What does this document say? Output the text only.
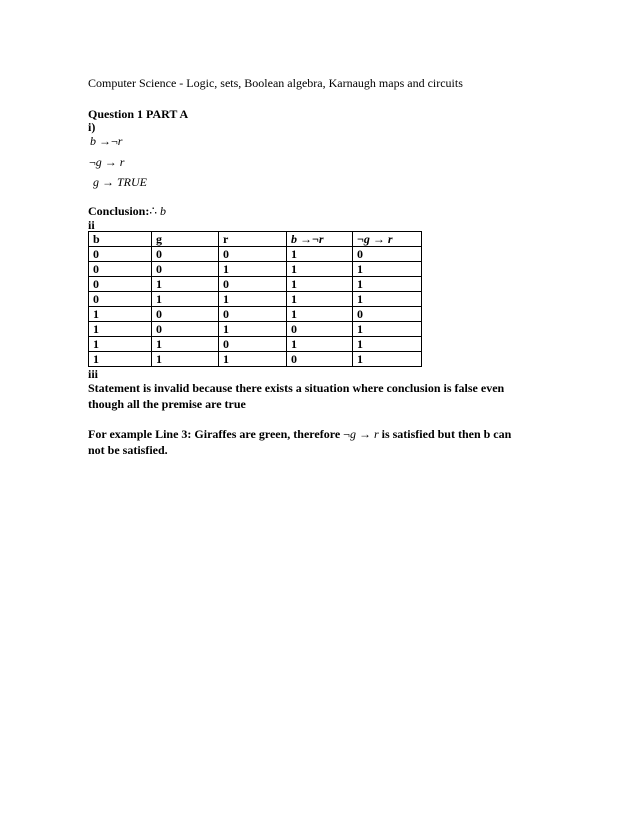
Computer Science - Logic, sets, Boolean algebra, Karnaugh maps and circuits
Question 1 PART A
i)
b →¬r
¬g → r
g → TRUE
Conclusion:∴ b
ii
b	g	r	b →¬r	¬g → r
0	0	0	1	0
0	0	1	1	1
0	1	0	1	1
0	1	1	1	1
1	0	0	1	0
1	0	1	0	1
1	1	0	1	1
1	1	1	0	1
iii
Statement is invalid because there exists a situation where conclusion is false even
though all the premise are true
For example Line 3: Giraffes are green, therefore ¬g → r is satisfied but then b can
not be satisfied.
